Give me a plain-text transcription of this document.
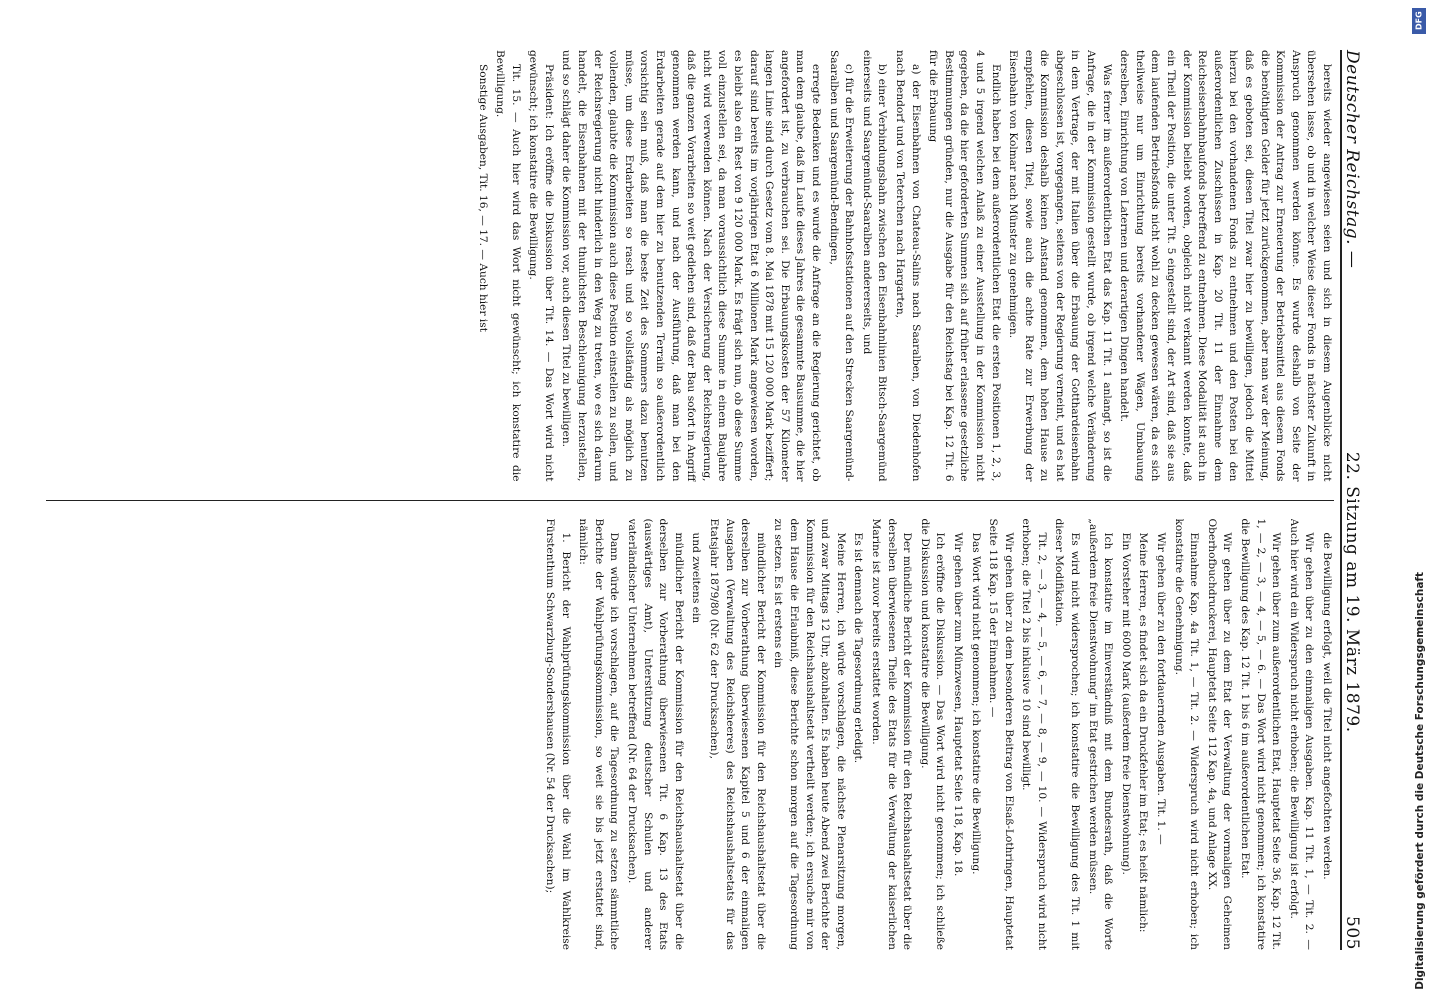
Deutscher Reichstag. —
22. Sitzung am 19. März 1879.
505

bereits wieder angewiesen seien und sich in diesem Augenblicke nicht übersehen lasse, ob und in welcher Weise dieser Fonds in nächster Zukunft in Anspruch genommen werden könne. Es wurde deshalb von Seite der Kommission der Antrag zur Erneuerung der Betriebsmittel aus diesem Fonds die benöthigten Gelder für jetzt zurückgenommen, aber man war der Meinung, daß es geboten sei, diesen Titel zwar hier zu bewilligen, jedoch die Mittel hierzu bei den vorhandenen Fonds zu entnehmen und den Posten bei den außerordentlichen Zuschüssen in Kap. 20 Tit. 11 der Einnahme dem Reichseisenbahnbaufonds betreffend zu entnehmen. Diese Modalität ist auch in der Kommission beliebt worden, obgleich nicht verkannt werden konnte, daß ein Theil der Position, die unter Tit. 5 eingestellt sind, der Art sind, daß sie aus dem laufenden Betriebsfonds nicht wohl zu decken gewesen wären, da es sich theilweise nur um Einrichtung bereits vorhandener Wägen, Umbauung derselben, Einrichtung von Laternen und derartigen Dingen handelt.

Was ferner im außerordentlichen Etat das Kap. 11 Tit. 1 anlangt, so ist die Anfrage, die in der Kommission gestellt wurde, ob irgend welche Veränderung in dem Vertrage, der mit Italien über die Erbauung der Gotthardeisenbahn abgeschlossen ist, vorgegangen, seitens von der Regierung verneint, und es hat die Kommission deshalb keinen Anstand genommen, dem hohen Hause zu empfehlen, diesen Titel, sowie auch die achte Rate zur Erwerbung der Eisenbahn von Kolmar nach Münster zu genehmigen.

Endlich haben bei dem außerordentlichen Etat die ersten Positionen 1, 2, 3, 4 und 5 irgend welchen Anlaß zu einer Ausstellung in der Kommission nicht gegeben, da die hier geforderten Summen sich auf früher erlassene gesetzliche Bestimmungen gründen, nur die Ausgabe für den Reichstag bei Kap. 12 Tit. 6 für die Erbauung

a) der Eisenbahnen von Chateau-Salins nach Saaralben, von Diedenhofen nach Bendorf und von Teterchen nach Hargarten,

b) einer Verbindungsbahn zwischen den Eisenbahnlinien Bitsch-Saargemünd einerseits und Saargemünd-Saaralben andererseits, und

c) für die Erweiterung der Bahnhofsstationen auf den Strecken Saargemünd-Saaralben und Saargemünd-Bendingen,

erregte Bedenken und es wurde die Anfrage an die Regierung gerichtet, ob man dem glaube, daß im Laufe dieses Jahres die gesammte Bausumme, die hier angefordert ist, zu verbrauchen sei. Die Erbauungskosten der 57 Kilometer langen Linie sind durch Gesetz vom 8. Mai 1878 mit 15 120 000 Mark beziffert; darauf sind bereits im vorjährigen Etat 6 Millionen Mark angewiesen worden, es bleibt also ein Rest von 9 120 000 Mark. Es frägt sich nun, ob diese Summe voll einzustellen sei, da man voraussichtlich diese Summe in einem Baujahre nicht wird verwenden können. Nach der Versicherung der Reichsregierung, daß die ganzen Vorarbeiten so weit gediehen sind, daß der Bau sofort in Angriff genommen werden kann, und nach der Ausführung, daß man bei den Erdarbeiten gerade auf dem hier zu benutzenden Terrain so außerordentlich vorsichtig sein muß, daß man die beste Zeit des Sommers dazu benutzen müsse, um diese Erdarbeiten so rasch und so vollständig als möglich zu vollenden, glaubte die Kommission auch diese Position einstellen zu sollen, und der Reichsregierung nicht hinderlich in den Weg zu treten, wo es sich darum handelt, die Eisenbahnen mit der thunlichsten Beschleunigung herzustellen, und so schlägt daher die Kommission vor, auch diesen Titel zu bewilligen.

Präsident: Ich eröffne die Diskussion über Tit. 14. — Das Wort wird nicht gewünscht; ich konstatire die Bewilligung.

Tit. 15. — Auch hier wird das Wort nicht gewünscht; ich konstatire die Bewilligung.

Sonstige Ausgaben, Tit. 16, — 17. — Auch hier ist

die Bewilligung erfolgt, weil die Titel nicht angefochten werden.

Wir gehen über zu den einmaligen Ausgaben. Kap. 11 Tit. 1, — Tit. 2. — Auch hier wird ein Widerspruch nicht erhoben; die Bewilligung ist erfolgt.

Wir gehen über zum außerordentlichen Etat, Hauptetat Seite 36, Kap. 12 Tit. 1, — 2, — 3, — 4, — 5, — 6. — Das Wort wird nicht genommen; ich konstatire die Bewilligung des Kap. 12 Tit. 1 bis 6 im außerordentlichen Etat.

Wir gehen über zu dem Etat der Verwaltung der vormaligen Geheimen Oberhofbuchdruckerei, Hauptetat Seite 112 Kap. 4a, und Anlage XX.

Einnahme Kap. 4a Tit. 1, — Tit. 2. — Widerspruch wird nicht erhoben; ich konstatire die Genehmigung.

Wir gehen über zu den fortdauernden Ausgaben. Tit. 1. —

Meine Herren, es findet sich da ein Druckfehler im Etat; es heißt nämlich:

Ein Vorsteher mit 6000 Mark (außerdem freie Dienstwohnung).

Ich konstatire im Einverständniß mit dem Bundesrath, daß die Worte „außerdem freie Dienstwohnung“ im Etat gestrichen werden müssen.

Es wird nicht widersprochen; ich konstatire die Bewilligung des Tit. 1 mit dieser Modifikation.

Tit. 2, — 3, — 4, — 5, — 6, — 7, — 8, — 9, — 10. — Widerspruch wird nicht erhoben; die Titel 2 bis inklusive 10 sind bewilligt.

Wir gehen über zu dem besonderen Beitrag von Elsaß-Lothringen, Hauptetat Seite 118 Kap. 15 der Einnahmen. —

Das Wort wird nicht genommen; ich konstatire die Bewilligung.

Wir gehen über zum Münzwesen, Hauptetat Seite 118, Kap. 18.

Ich eröffne die Diskussion. — Das Wort wird nicht genommen; ich schließe die Diskussion und konstatire die Bewilligung.

Der mündliche Bericht der Kommission für den Reichshaushaltsetat über die derselben überwiesenen Theile des Etats für die Verwaltung der kaiserlichen Marine ist zuvor bereits erstattet worden.

Es ist demnach die Tagesordnung erledigt.

Meine Herren, ich würde vorschlagen, die nächste Plenarsitzung morgen, und zwar Mittags 12 Uhr, abzuhalten. Es haben heute Abend zwei Berichte der Kommission für den Reichshaushaltsetat vertheilt werden; ich ersuche mir von dem Hause die Erlaubniß, diese Berichte schon morgen auf die Tagesordnung zu setzen. Es ist erstens ein

mündlicher Bericht der Kommission für den Reichshaushaltsetat über die derselben zur Vorberathung überwiesenen Kapitel 5 und 6 der einmaligen Ausgaben (Verwaltung des Reichsheeres) des Reichshaushaltsetats für das Etatsjahr 1879/80 (Nr. 62 der Drucksachen),

und zweitens ein

mündlicher Bericht der Kommission für den Reichshaushaltsetat über die derselben zur Vorberathung überwiesenen Tit. 6 Kap. 13 des Etats (auswärtiges Amt), Unterstützung deutscher Schulen und anderer vaterländischer Unternehmen betreffend (Nr. 64 der Drucksachen).

Dann würde ich vorschlagen, auf die Tagesordnung zu setzen sämmtliche Berichte der Wahlprüfungskommission, so weit sie bis jetzt erstattet sind, nämlich:

1. Bericht der Wahlprüfungskommission über die Wahl im Wahlkreise Fürstenthum Schwarzburg-Sondershausen (Nr. 54 der Drucksachen);	Digitalisierung gefördert durch die Deutsche Forschungsgemeinschaft
DFG
